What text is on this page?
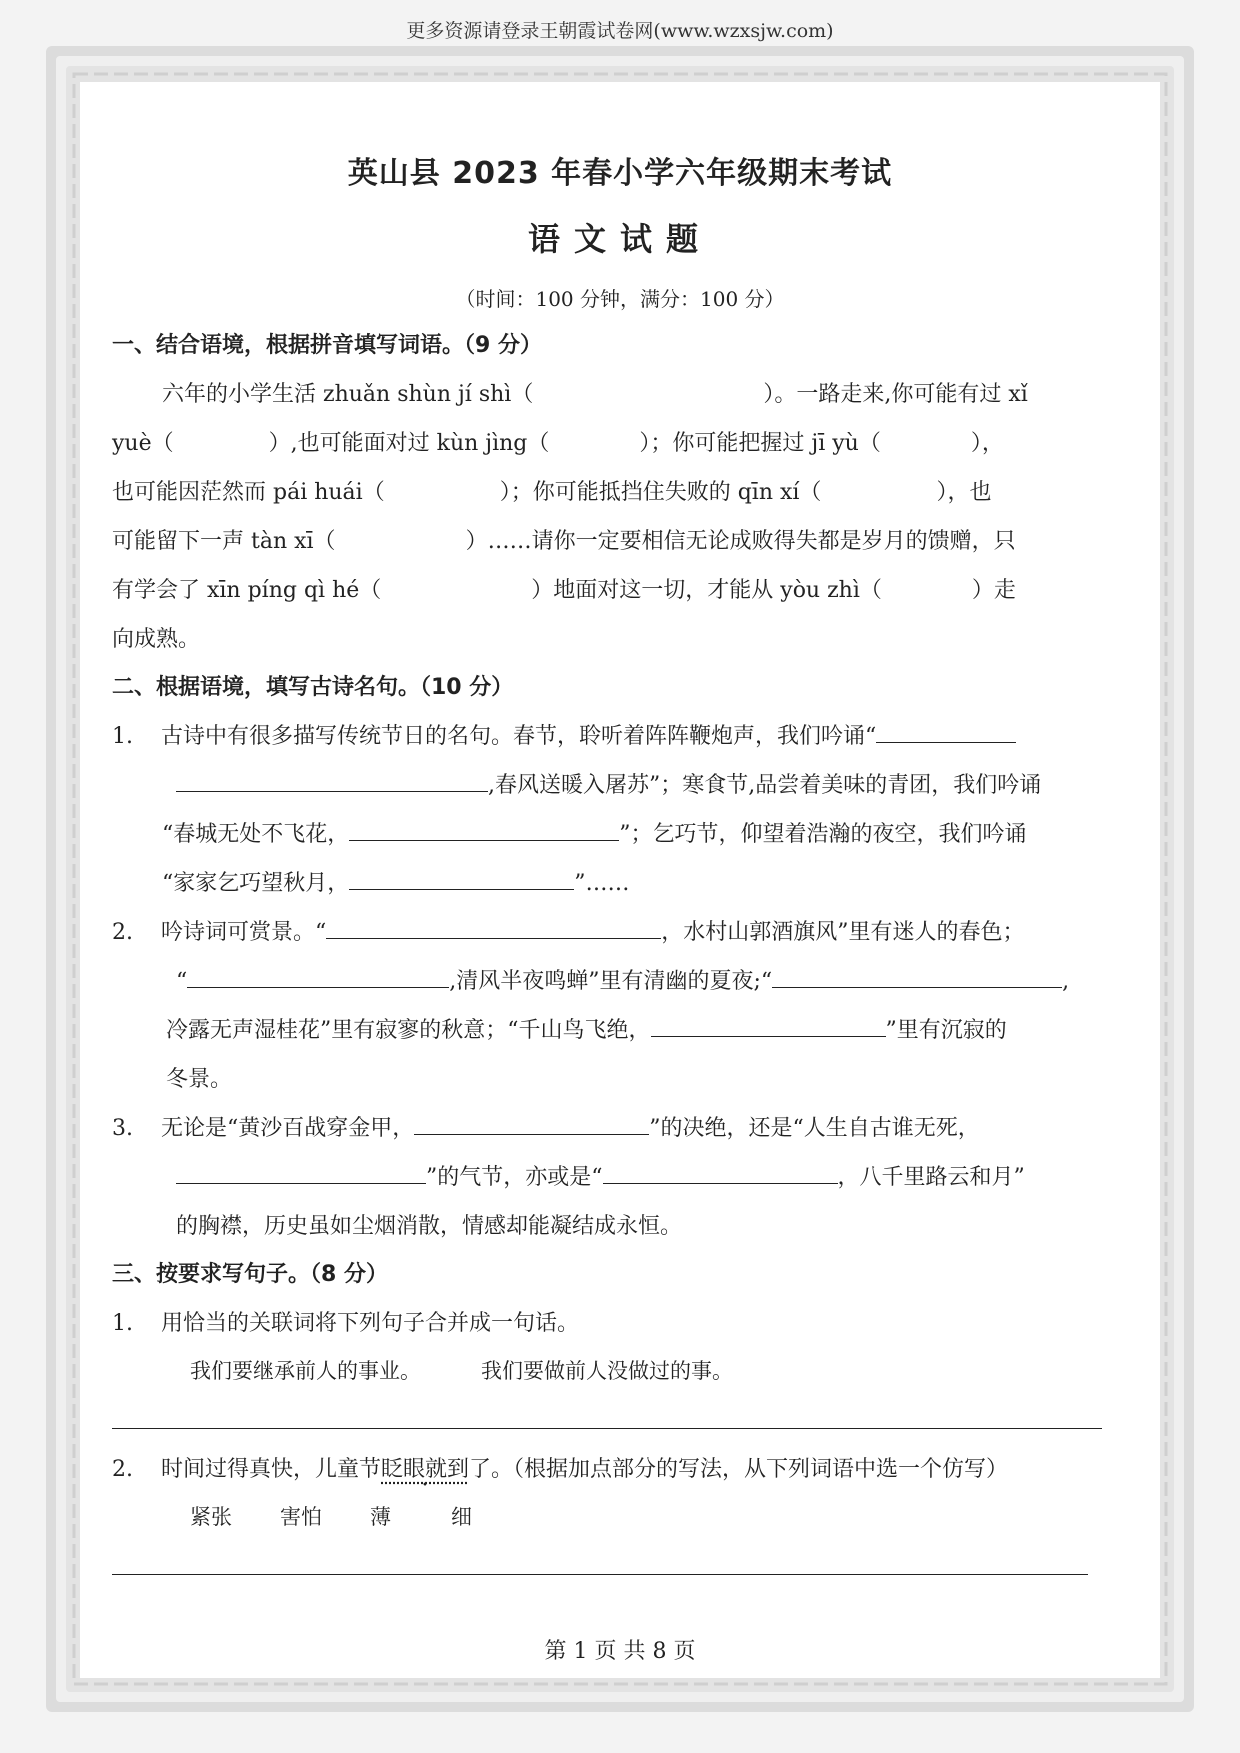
更多资源请登录王朝霞试卷网(www.wzxsjw.com)
英山县 2023 年春小学六年级期末考试
语文试题
（时间：100 分钟，满分：100 分）
一、结合语境，根据拼音填写词语。（9 分）
六年的小学生活 zhuǎn shùn jí shì（	）。一路走来,你可能有过 xǐ
yuè（	）,也可能面对过 kùn jìng（	）；你可能把握过 jī yù（	），
也可能因茫然而 pái huái（	）；你可能抵挡住失败的 qīn xí（	），也
可能留下一声 tàn xī（	）……请你一定要相信无论成败得失都是岁月的馈赠，只
有学会了 xīn píng qì hé（	）地面对这一切，才能从 yòu zhì（	）走
向成熟。
二、根据语境，填写古诗名句。（10 分）
1. 古诗中有很多描写传统节日的名句。春节，聆听着阵阵鞭炮声，我们吟诵“
,春风送暖入屠苏”；寒食节,品尝着美味的青团，我们吟诵
“春城无处不飞花，	”；乞巧节，仰望着浩瀚的夜空，我们吟诵
“家家乞巧望秋月，	”……
2. 吟诗词可赏景。“	，水村山郭酒旗风”里有迷人的春色；
“	,清风半夜鸣蝉”里有清幽的夏夜;“	,
冷露无声湿桂花”里有寂寥的秋意；“千山鸟飞绝，	”里有沉寂的
冬景。
3. 无论是“黄沙百战穿金甲，	”的决绝，还是“人生自古谁无死，
”的气节，亦或是“	，八千里路云和月”
的胸襟，历史虽如尘烟消散，情感却能凝结成永恒。
三、按要求写句子。（8 分）
1. 用恰当的关联词将下列句子合并成一句话。
我们要继承前人的事业。	我们要做前人没做过的事。
2. 时间过得真快，儿童节眨眼就到了。（根据加点部分的写法，从下列词语中选一个仿写）
紧张 害怕 薄	细
第 1 页 共 8 页
